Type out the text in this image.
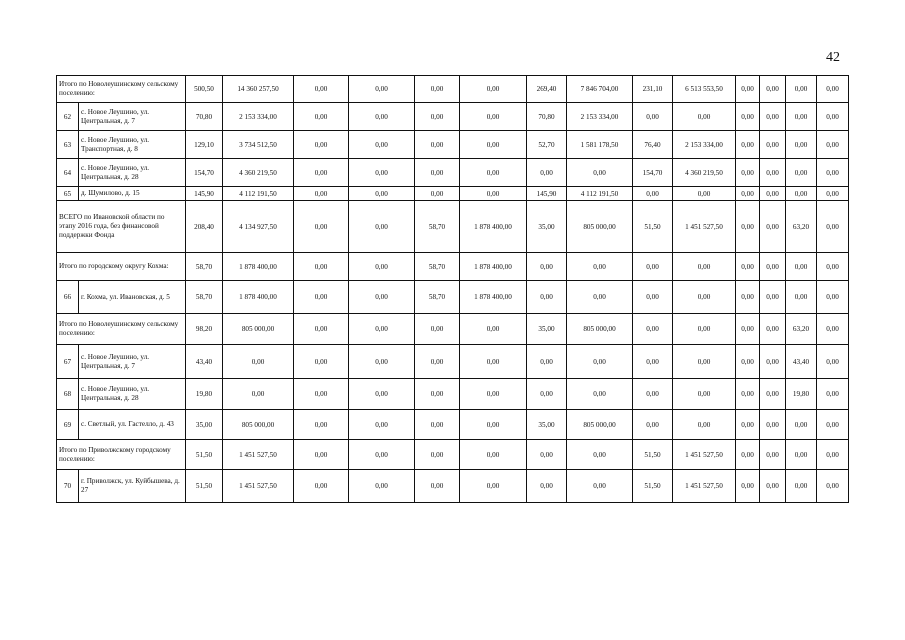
42
Итого по Новолеушинскому сельскому поселению:		500,50	14 360 257,50	0,00	0,00	0,00	0,00	269,40	7 846 704,00	231,10	6 513 553,50	0,00	0,00	0,00	0,00
62	с. Новое Леушино, ул. Центральная, д. 7	70,80	2 153 334,00	0,00	0,00	0,00	0,00	70,80	2 153 334,00	0,00	0,00	0,00	0,00	0,00	0,00
63	с. Новое Леушино, ул. Транспортная, д. 8	129,10	3 734 512,50	0,00	0,00	0,00	0,00	52,70	1 581 178,50	76,40	2 153 334,00	0,00	0,00	0,00	0,00
64	с. Новое Леушино, ул. Центральная, д. 28	154,70	4 360 219,50	0,00	0,00	0,00	0,00	0,00	0,00	154,70	4 360 219,50	0,00	0,00	0,00	0,00
65	д. Шумилово, д. 15	145,90	4 112 191,50	0,00	0,00	0,00	0,00	145,90	4 112 191,50	0,00	0,00	0,00	0,00	0,00	0,00
ВСЕГО по Ивановской области по этапу 2016 года, без финансовой поддержки Фонда		208,40	4 134 927,50	0,00	0,00	58,70	1 878 400,00	35,00	805 000,00	51,50	1 451 527,50	0,00	0,00	63,20	0,00
Итого по городскому округу Кохма:		58,70	1 878 400,00	0,00	0,00	58,70	1 878 400,00	0,00	0,00	0,00	0,00	0,00	0,00	0,00	0,00
66	г. Кохма, ул. Ивановская, д. 5	58,70	1 878 400,00	0,00	0,00	58,70	1 878 400,00	0,00	0,00	0,00	0,00	0,00	0,00	0,00	0,00
Итого по Новолеушинскому сельскому поселению:		98,20	805 000,00	0,00	0,00	0,00	0,00	35,00	805 000,00	0,00	0,00	0,00	0,00	63,20	0,00
67	с. Новое Леушино, ул. Центральная, д. 7	43,40	0,00	0,00	0,00	0,00	0,00	0,00	0,00	0,00	0,00	0,00	0,00	43,40	0,00
68	с. Новое Леушино, ул. Центральная, д. 28	19,80	0,00	0,00	0,00	0,00	0,00	0,00	0,00	0,00	0,00	0,00	0,00	19,80	0,00
69	с. Светлый, ул. Гастелло, д. 43	35,00	805 000,00	0,00	0,00	0,00	0,00	35,00	805 000,00	0,00	0,00	0,00	0,00	0,00	0,00
Итого по Приволжскому городскому поселению:		51,50	1 451 527,50	0,00	0,00	0,00	0,00	0,00	0,00	51,50	1 451 527,50	0,00	0,00	0,00	0,00
70	г. Приволжск, ул. Куйбышева, д. 27	51,50	1 451 527,50	0,00	0,00	0,00	0,00	0,00	0,00	51,50	1 451 527,50	0,00	0,00	0,00	0,00
